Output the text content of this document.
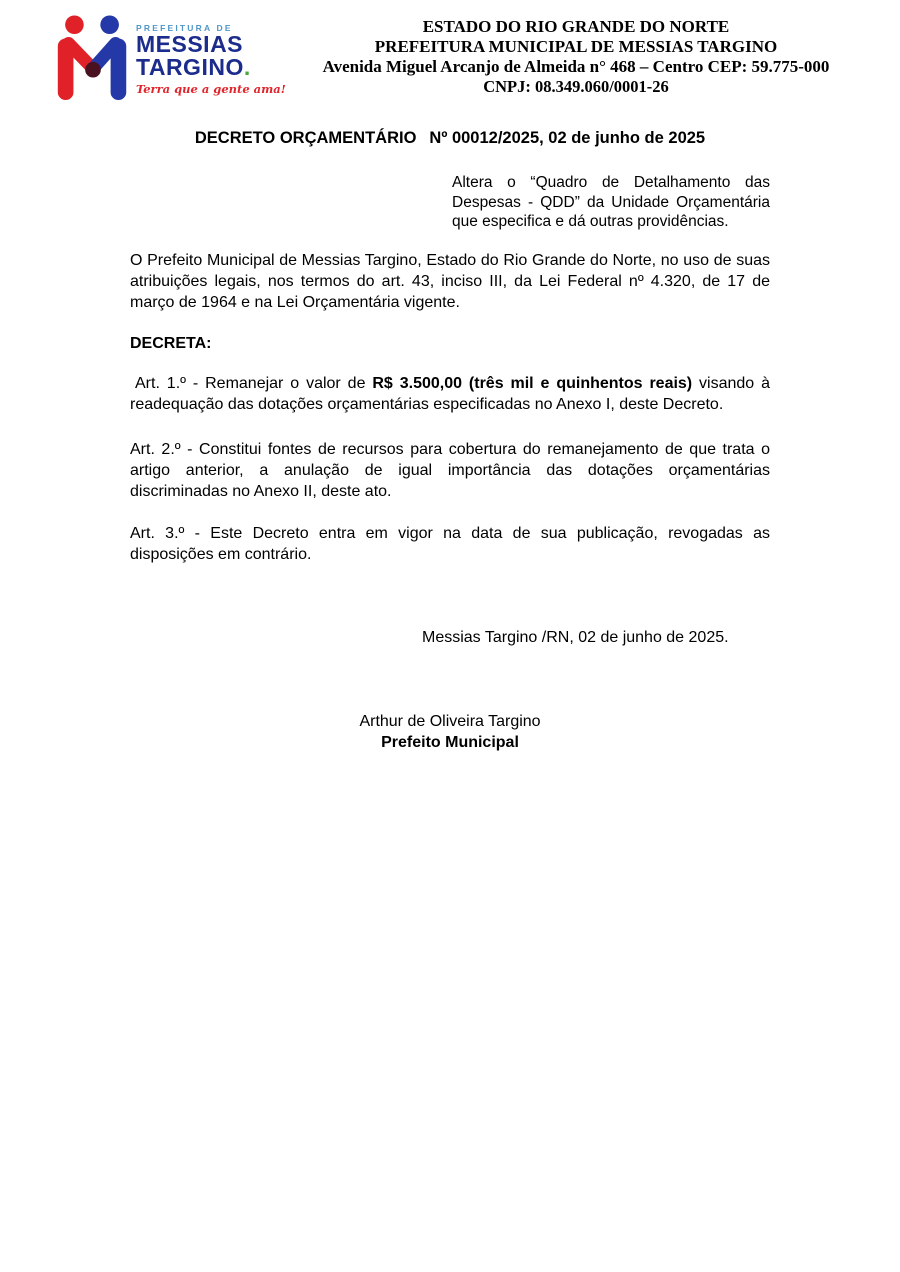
PREFEITURA DE
MESSIAS
TARGINO.
Terra que a gente ama!
ESTADO DO RIO GRANDE DO NORTE
PREFEITURA MUNICIPAL DE MESSIAS TARGINO
Avenida Miguel Arcanjo de Almeida n° 468 – Centro CEP: 59.775-000
CNPJ: 08.349.060/0001-26
DECRETO ORÇAMENTÁRIO Nº 00012/2025, 02 de junho de 2025

Altera o “Quadro de Detalhamento das Despesas - QDD” da Unidade Orçamentária que especifica e dá outras providências.

O Prefeito Municipal de Messias Targino, Estado do Rio Grande do Norte, no uso de suas atribuições legais, nos termos do art. 43, inciso III, da Lei Federal nº 4.320, de 17 de março de 1964 e na Lei Orçamentária vigente.

DECRETA:

Art. 1.º - Remanejar o valor de R$ 3.500,00 (três mil e quinhentos reais) visando à readequação das dotações orçamentárias especificadas no Anexo I, deste Decreto.

Art. 2.º - Constitui fontes de recursos para cobertura do remanejamento de que trata o artigo anterior, a anulação de igual importância das dotações orçamentárias discriminadas no Anexo II, deste ato.

Art. 3.º - Este Decreto entra em vigor na data de sua publicação, revogadas as disposições em contrário.

Messias Targino /RN, 02 de junho de 2025.

Arthur de Oliveira Targino
Prefeito Municipal
